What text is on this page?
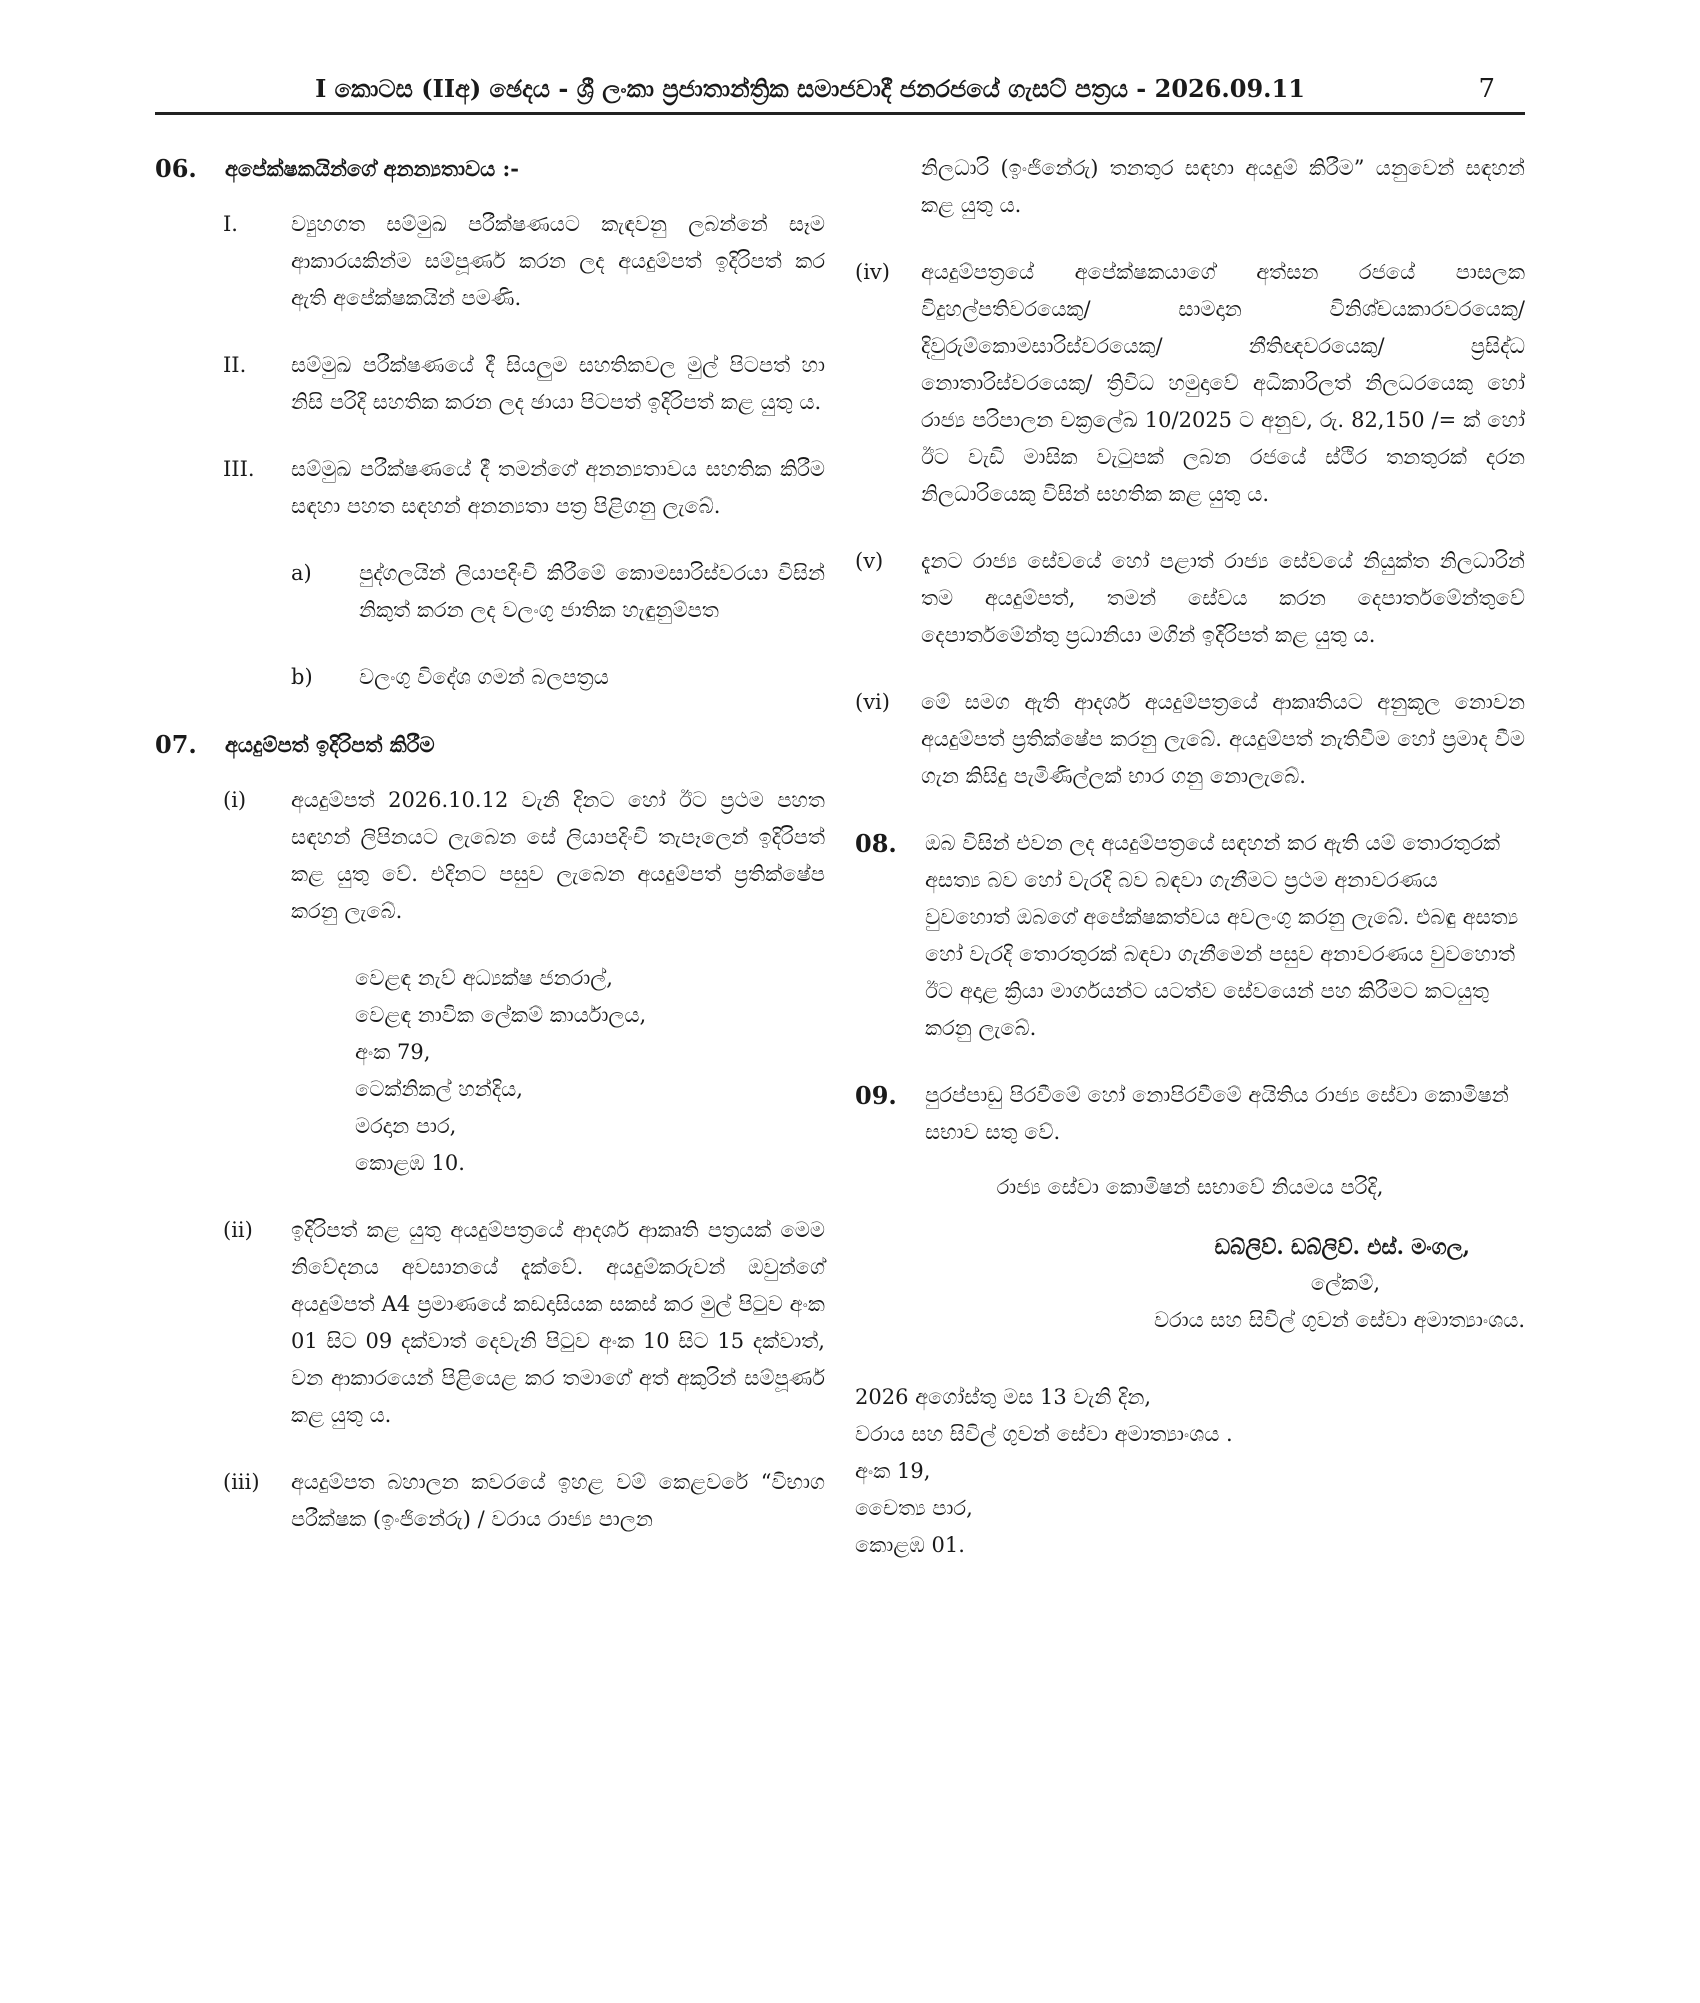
I කොටස (IIඅ) ඡෙදය - ශ්‍රී ලංකා ප්‍රජාතාන්ත්‍රික සමාජවාදී ජනරජයේ ගැසට් පත්‍රය - 2026.09.11	7
06. අපේක්ෂකයින්ගේ අනන්‍යතාවය :-
I.	ව්‍යුහගත සම්මුඛ පරීක්ෂණයට කැඳවනු ලබන්නේ සෑම ආකාරයකින්ම සම්පූර්ණ කරන ලද අයදුම්පත් ඉදිරිපත් කර ඇති අපේක්ෂකයින් පමණි.
II. සම්මුඛ පරීක්ෂණයේ දී සියලුම සහතිකවල මුල් පිටපත් හා නිසි පරිදි සහතික කරන ලද ඡායා පිටපත් ඉදිරිපත් කළ යුතු ය.
III. සම්මුඛ පරීක්ෂණයේ දී තමන්ගේ අනන්‍යතාවය සහතික කිරීම සඳහා පහත සඳහන් අනන්‍යතා පත්‍ර පිළිගනු ලැබේ.
a) පුද්ගලයින් ලියාපදිංචි කිරීමේ කොමසාරිස්වරයා විසින් නිකුත් කරන ලද වලංගු ජාතික හැඳුනුම්පත
b) වලංගු විදේශ ගමන් බලපත්‍රය
07. අයදුම්පත් ඉදිරිපත් කිරීම
(i) අයදුම්පත් 2026.10.12 වැනි දිනට හෝ ඊට ප්‍රථම පහත සඳහන් ලිපිනයට ලැබෙන සේ ලියාපදිංචි තැපෑලෙන් ඉදිරිපත් කළ යුතු වේ. එදිනට පසුව ලැබෙන අයදුම්පත් ප්‍රතික්ෂේප කරනු ලැබේ.
වෙළඳ නැව් අධ්‍යක්ෂ ජනරාල්,
වෙළඳ නාවික ලේකම් කාර්යාලය,
අංක 79,
ටෙක්නිකල් හන්දිය,
මරදාන පාර,
කොළඹ 10.
(ii) ඉදිරිපත් කළ යුතු අයදුම්පත්‍රයේ ආදර්ශ ආකෘති පත්‍රයක් මෙම නිවේදනය අවසානයේ දැක්වේ. අයදුම්කරුවන් ඔවුන්ගේ අයදුම්පත් A4 ප්‍රමාණයේ කඩදාසියක සකස් කර මුල් පිටුව අංක 01 සිට 09 දක්වාත් දෙවැනි පිටුව අංක 10 සිට 15 දක්වාත්, වන ආකාරයෙන් පිළියෙළ කර තමාගේ අත් අකුරින් සම්පූර්ණ කළ යුතු ය.
(iii) අයදුම්පත බහාලන කවරයේ ඉහළ වම් කෙළවරේ “විභාග පරීක්ෂක (ඉංජිනේරු) / වරාය රාජ්‍ය පාලන
නිලධාරි (ඉංජිනේරු) තනතුර සඳහා අයදුම් කිරීම” යනුවෙන් සඳහන් කළ යුතු ය.
(iv) අයදුම්පත්‍රයේ අපේක්ෂකයාගේ අත්සන රජයේ පාසලක විදුහල්පතිවරයෙකු/ සාමදාන විනිශ්චයකාරවරයෙකු/දිවුරුම්කොමසාරිස්වරයෙකු/ නීතිඥවරයෙකු/ ප්‍රසිද්ධ නොතාරිස්වරයෙකු/ ත්‍රිවිධ හමුදාවේ අධිකාරිලත් නිලධරයෙකු හෝ රාජ්‍ය පරිපාලන චක්‍රලේඛ 10/2025 ට අනුව, රු. 82,150 /= ක් හෝ ඊට වැඩි මාසික වැටුපක් ලබන රජයේ ස්ථිර තනතුරක් දරන නිලධාරියෙකු විසින් සහතික කළ යුතු ය.
(v) දැනට රාජ්‍ය සේවයේ හෝ පළාත් රාජ්‍ය සේවයේ නියුක්ත නිලධාරින් තම අයදුම්පත්, තමන් සේවය කරන දෙපාර්තමේන්තුවේ දෙපාර්තමේන්තු ප්‍රධානියා මගින් ඉදිරිපත් කළ යුතු ය.
(vi) මේ සමග ඇති ආදර්ශ අයදුම්පත්‍රයේ ආකෘතියට අනුකූල නොවන අයදුම්පත් ප්‍රතික්ෂේප කරනු ලැබේ. අයදුම්පත් නැතිවීම හෝ ප්‍රමාද වීම ගැන කිසිදු පැමිණිල්ලක් භාර ගනු නොලැබේ.
08. ඔබ විසින් එවන ලද අයදුම්පත්‍රයේ සඳහන් කර ඇති යම් තොරතුරක් අසත්‍ය බව හෝ වැරදි බව බඳවා ගැනීමට ප්‍රථම අනාවරණය වුවහොත් ඔබගේ අපේක්ෂකත්වය අවලංගු කරනු ලැබේ. එබඳු අසත්‍ය හෝ වැරදි තොරතුරක් බඳවා ගැනීමෙන් පසුව අනාවරණය වුවහොත් ඊට අදාළ ක්‍රියා මාර්ගයන්ට යටත්ව සේවයෙන් පහ කිරීමට කටයුතු කරනු ලැබේ.
09. පුරප්පාඩු පිරවීමේ හෝ නොපිරවීමේ අයිතිය රාජ්‍ය සේවා කොමිෂන් සභාව සතු වේ.
රාජ්‍ය සේවා කොමිෂන් සභාවේ නියමය පරිදි,
ඩබ්ලිව්. ඩබ්ලිව්. එස්. මංගල,
ලේකම්,
වරාය සහ සිවිල් ගුවන් සේවා අමාත්‍යාංශය.
2026 අගෝස්තු මස 13 වැනි දින,
වරාය සහ සිවිල් ගුවන් සේවා අමාත්‍යාංශය .
අංක 19,
චෛත්‍ය පාර,
කොළඹ 01.
